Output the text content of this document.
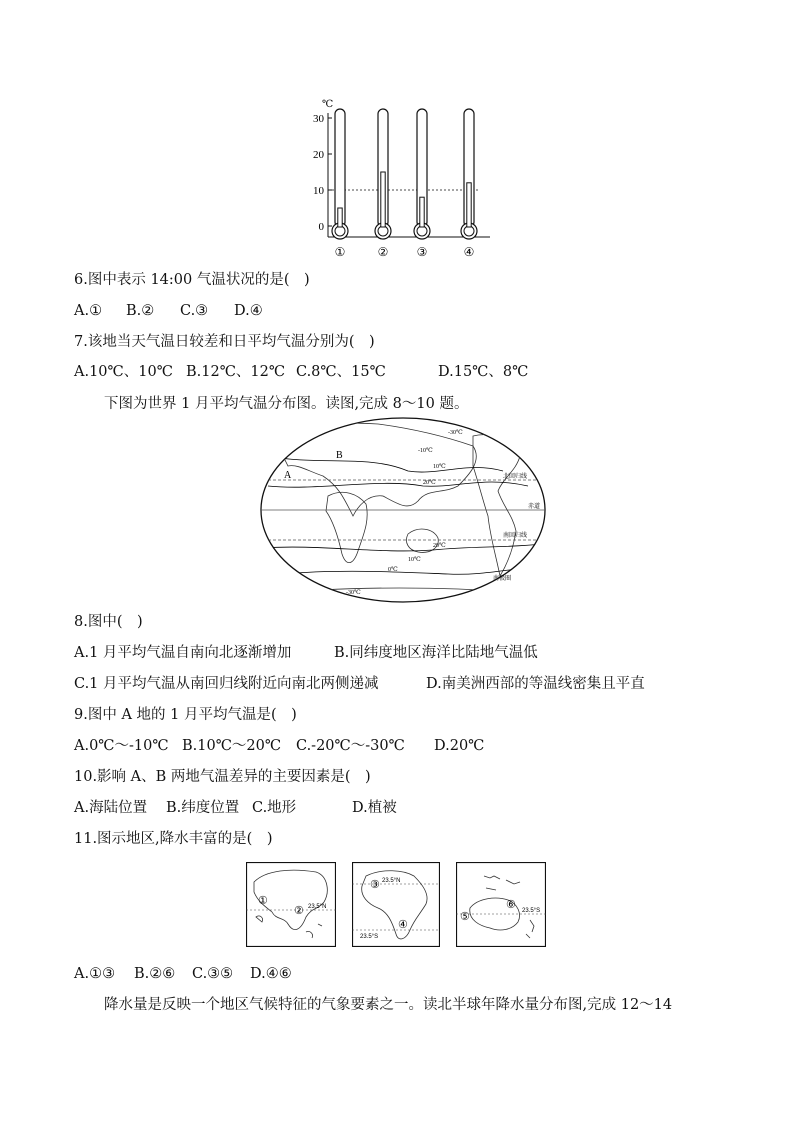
℃
30
20
10
0
①	② ③	④
6.图中表示 14:00 气温状况的是(　)
A.① B.② C.③ D.④
7.该地当天气温日较差和日平均气温分别为(　)
A.10℃、10℃ B.12℃、12℃ C.8℃、15℃	D.15℃、8℃
下图为世界 1 月平均气温分布图。读图,完成 8～10 题。
A
B
-30℃
-10℃
10℃
20℃
20℃
10℃
0℃
-30℃
北回归线
赤道
南回归线
南极圈
8.图中(　)
A.1 月平均气温自南向北逐渐增加	B.同纬度地区海洋比陆地气温低
C.1 月平均气温从南回归线附近向南北两侧递减	D.南美洲西部的等温线密集且平直
9.图中 A 地的 1 月平均气温是(　)
A.0℃～-10℃ B.10℃～20℃ C.-20℃～-30℃ D.20℃
10.影响 A、B 两地气温差异的主要因素是(　)
A.海陆位置 B.纬度位置 C.地形	D.植被
11.图示地区,降水丰富的是(　)
23.5°N
①
②
23.5°N
23.5°S
③
④
23.5°S
⑤
⑥
A.①③ B.②⑥ C.③⑤ D.④⑥
降水量是反映一个地区气候特征的气象要素之一。读北半球年降水量分布图,完成 12～14
